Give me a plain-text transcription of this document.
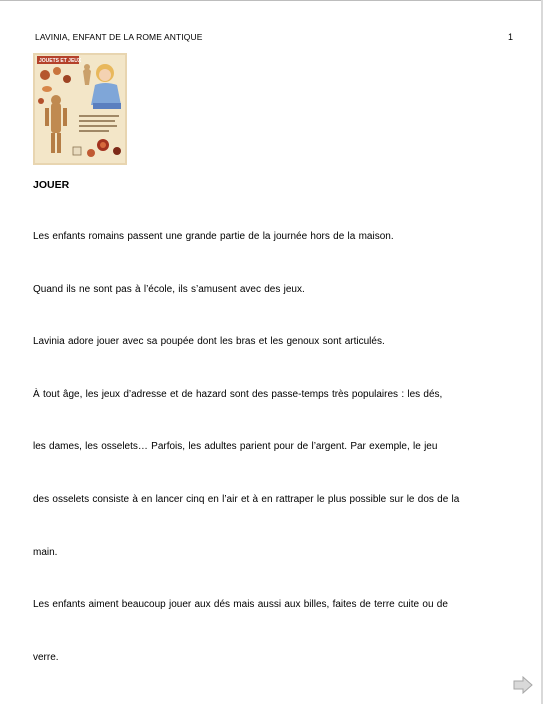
LAVINIA, ENFANT DE LA ROME ANTIQUE	1
JOUETS ET JEUX
JOUER
Les enfants romains passent une grande partie de la journée hors de la maison.
Quand ils ne sont pas à l’école, ils s’amusent avec des jeux.
Lavinia adore jouer avec sa poupée dont les bras et les genoux sont articulés.
À tout âge, les jeux d’adresse et de hazard sont des passe-temps très populaires : les dés,
les dames, les osselets… Parfois, les adultes parient pour de l’argent. Par exemple, le jeu
des osselets consiste à en lancer cinq en l’air et à en rattraper le plus possible sur le dos de la
main.
Les enfants aiment beaucoup jouer aux dés mais aussi aux billes, faites de terre cuite ou de
verre.
